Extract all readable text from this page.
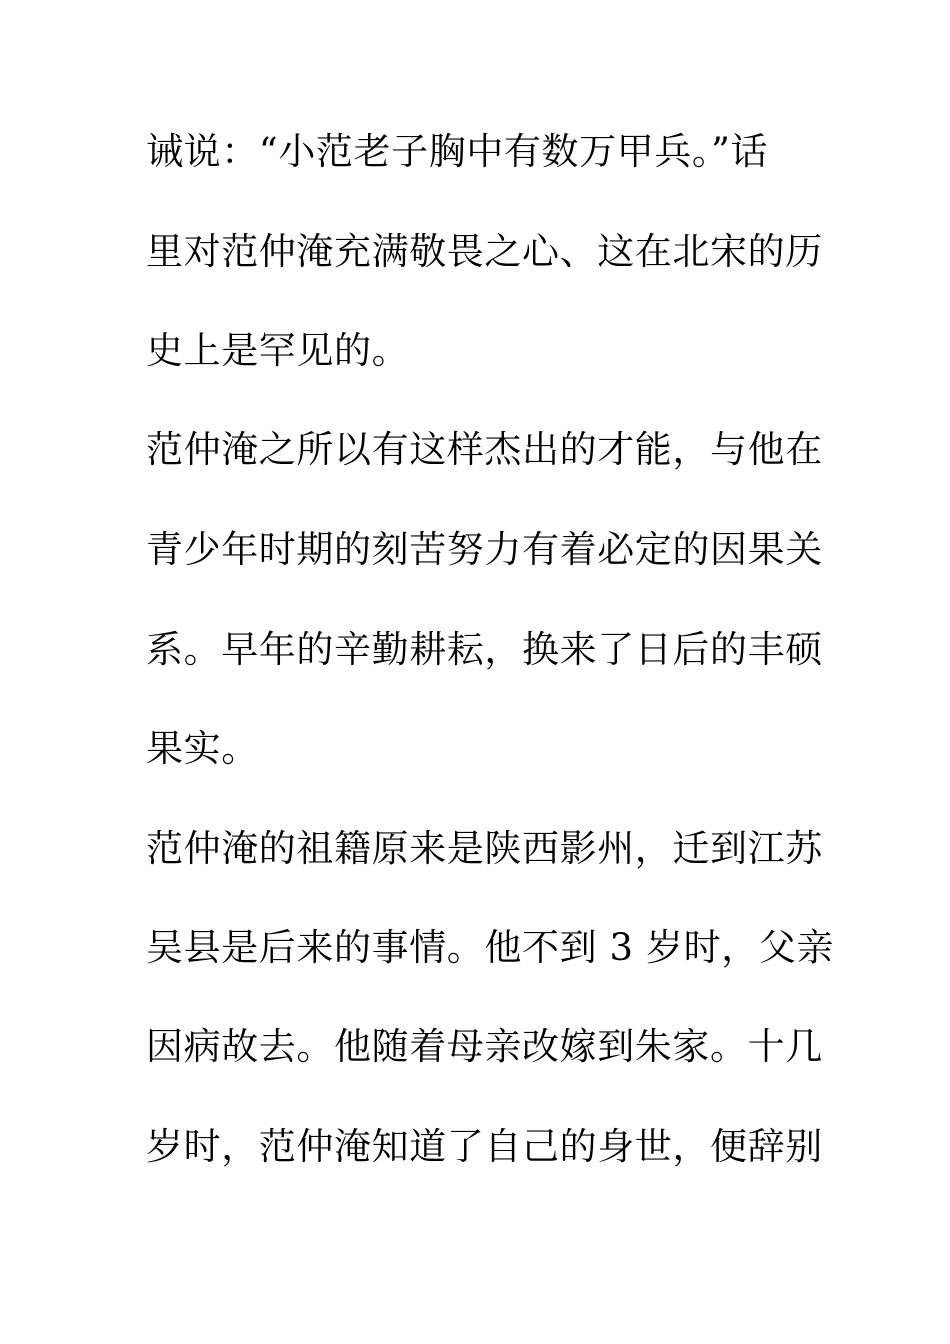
诫说：“小范老子胸中有数万甲兵。”话
里对范仲淹充满敬畏之心、这在北宋的历
史上是罕见的。
范仲淹之所以有这样杰出的才能，与他在
青少年时期的刻苦努力有着必定的因果关
系。早年的辛勤耕耘，换来了日后的丰硕
果实。
范仲淹的祖籍原来是陕西影州，迁到江苏
吴县是后来的事情。他不到 3 岁时，父亲
因病故去。他随着母亲改嫁到朱家。十几
岁时，范仲淹知道了自己的身世，便辞别
